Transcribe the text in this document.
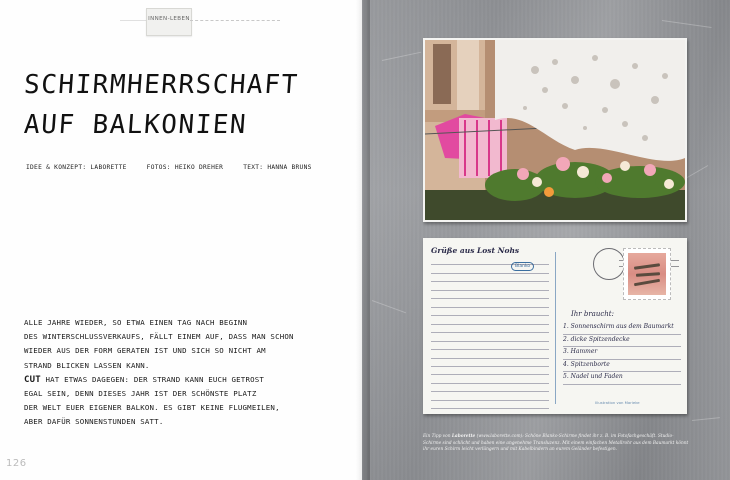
INNEN-LEBEN
SCHIRMHERRSCHAFT
AUF BALKONIEN
IDEE & KONZEPT: LABORETTE	FOTOS: HEIKO DREHER	TEXT: HANNA BRUNS

ALLE JAHRE WIEDER, SO ETWA EINEN TAG NACH BEGINN
DES WINTERSCHLUSSVERKAUFS, FÄLLT EINEM AUF, DASS MAN SCHON
WIEDER AUS DER FORM GERATEN IST UND SICH SO NICHT AM
STRAND BLICKEN LASSEN KANN.
CUT HAT ETWAS DAGEGEN: DER STRAND KANN EUCH GETROST
EGAL SEIN, DENN DIESES JAHR IST DER SCHÖNSTE PLATZ
DER WELT EUER EIGENER BALKON. ES GIBT KEINE FLUGMEILEN,
ABER DAFÜR SONNENSTUNDEN SATT.

126
Grüße aus Lost Nohs
Blanko
Ihr braucht:
1. Sonnenschirm aus dem Baumarkt
2. dicke Spitzendecke
3. Hammer
4. Spitzenborte
5. Nadel und Faden
Illustration von Marieke

Ein Tipp von Laborette (www.laborette.com): Schöne Blanko-Schirme findet ihr z. B. im Fotofachgeschäft. Studio-Schirme sind schlicht und haben eine angenehme Transluzenz. Mit einem einfachen Metallrohr aus dem Baumarkt könnt ihr euren Schirm leicht verlängern und mit Kabelbindern an eurem Geländer befestigen.
